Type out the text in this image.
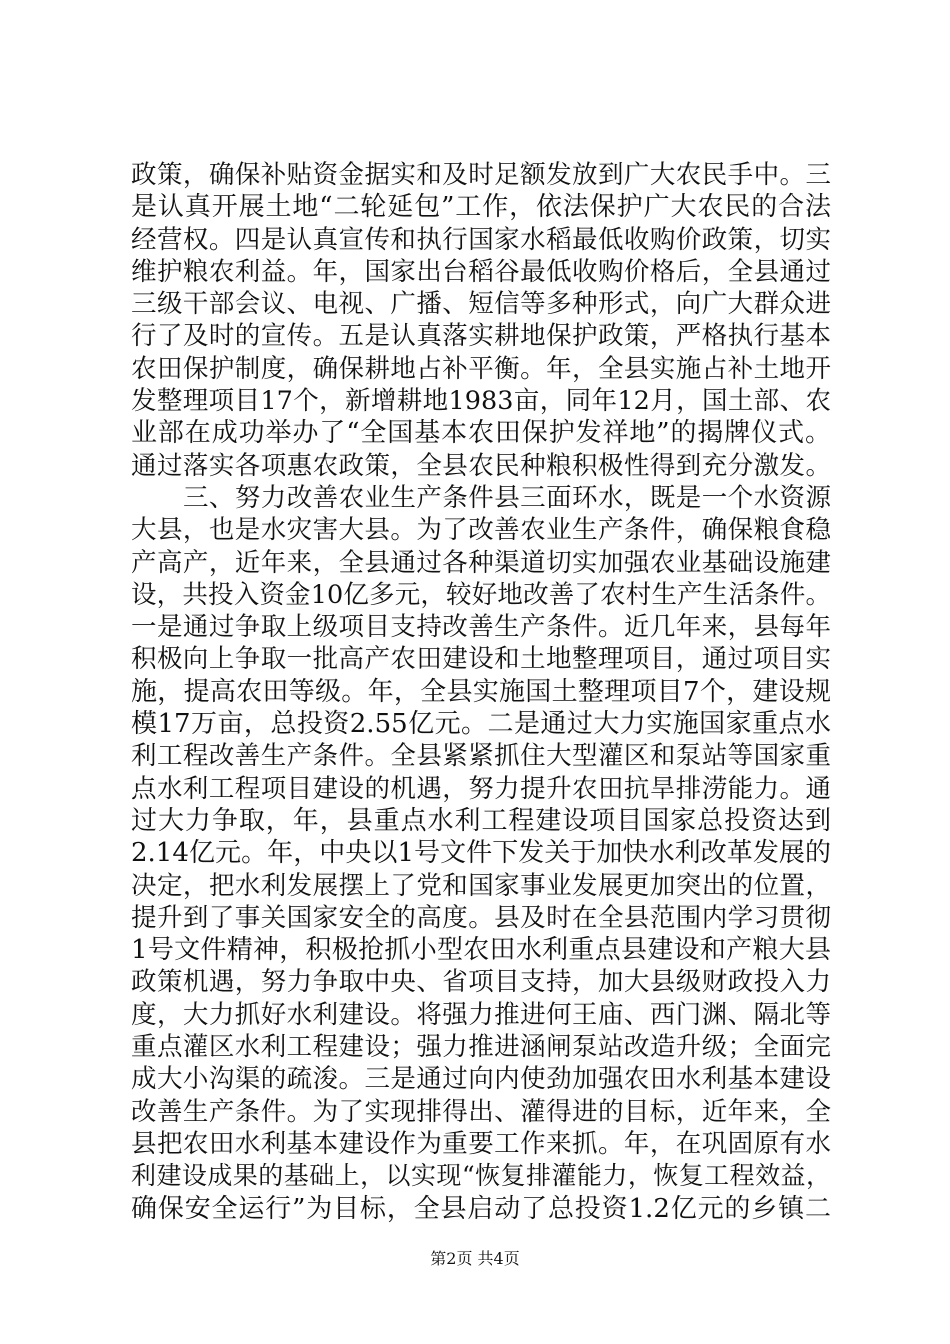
政策，确保补贴资金据实和及时足额发放到广大农民手中。三
是认真开展土地“二轮延包”工作，依法保护广大农民的合法
经营权。四是认真宣传和执行国家水稻最低收购价政策，切实
维护粮农利益。年，国家出台稻谷最低收购价格后，全县通过
三级干部会议、电视、广播、短信等多种形式，向广大群众进
行了及时的宣传。五是认真落实耕地保护政策，严格执行基本
农田保护制度，确保耕地占补平衡。年，全县实施占补土地开
发整理项目17个，新增耕地1983亩，同年12月，国土部、农
业部在成功举办了“全国基本农田保护发祥地”的揭牌仪式。
通过落实各项惠农政策，全县农民种粮积极性得到充分激发。
三、努力改善农业生产条件县三面环水，既是一个水资源
大县，也是水灾害大县。为了改善农业生产条件，确保粮食稳
产高产，近年来，全县通过各种渠道切实加强农业基础设施建
设，共投入资金10亿多元，较好地改善了农村生产生活条件。
一是通过争取上级项目支持改善生产条件。近几年来，县每年
积极向上争取一批高产农田建设和土地整理项目，通过项目实
施，提高农田等级。年，全县实施国土整理项目7个，建设规
模17万亩，总投资2.55亿元。二是通过大力实施国家重点水
利工程改善生产条件。全县紧紧抓住大型灌区和泵站等国家重
点水利工程项目建设的机遇，努力提升农田抗旱排涝能力。通
过大力争取，年，县重点水利工程建设项目国家总投资达到
2.14亿元。年，中央以1号文件下发关于加快水利改革发展的
决定，把水利发展摆上了党和国家事业发展更加突出的位置，
提升到了事关国家安全的高度。县及时在全县范围内学习贯彻
1号文件精神，积极抢抓小型农田水利重点县建设和产粮大县
政策机遇，努力争取中央、省项目支持，加大县级财政投入力
度，大力抓好水利建设。将强力推进何王庙、西门渊、隔北等
重点灌区水利工程建设；强力推进涵闸泵站改造升级；全面完
成大小沟渠的疏浚。三是通过向内使劲加强农田水利基本建设
改善生产条件。为了实现排得出、灌得进的目标，近年来，全
县把农田水利基本建设作为重要工作来抓。年，在巩固原有水
利建设成果的基础上，以实现“恢复排灌能力，恢复工程效益，
确保安全运行”为目标，全县启动了总投资1.2亿元的乡镇二
第2页 共4页
